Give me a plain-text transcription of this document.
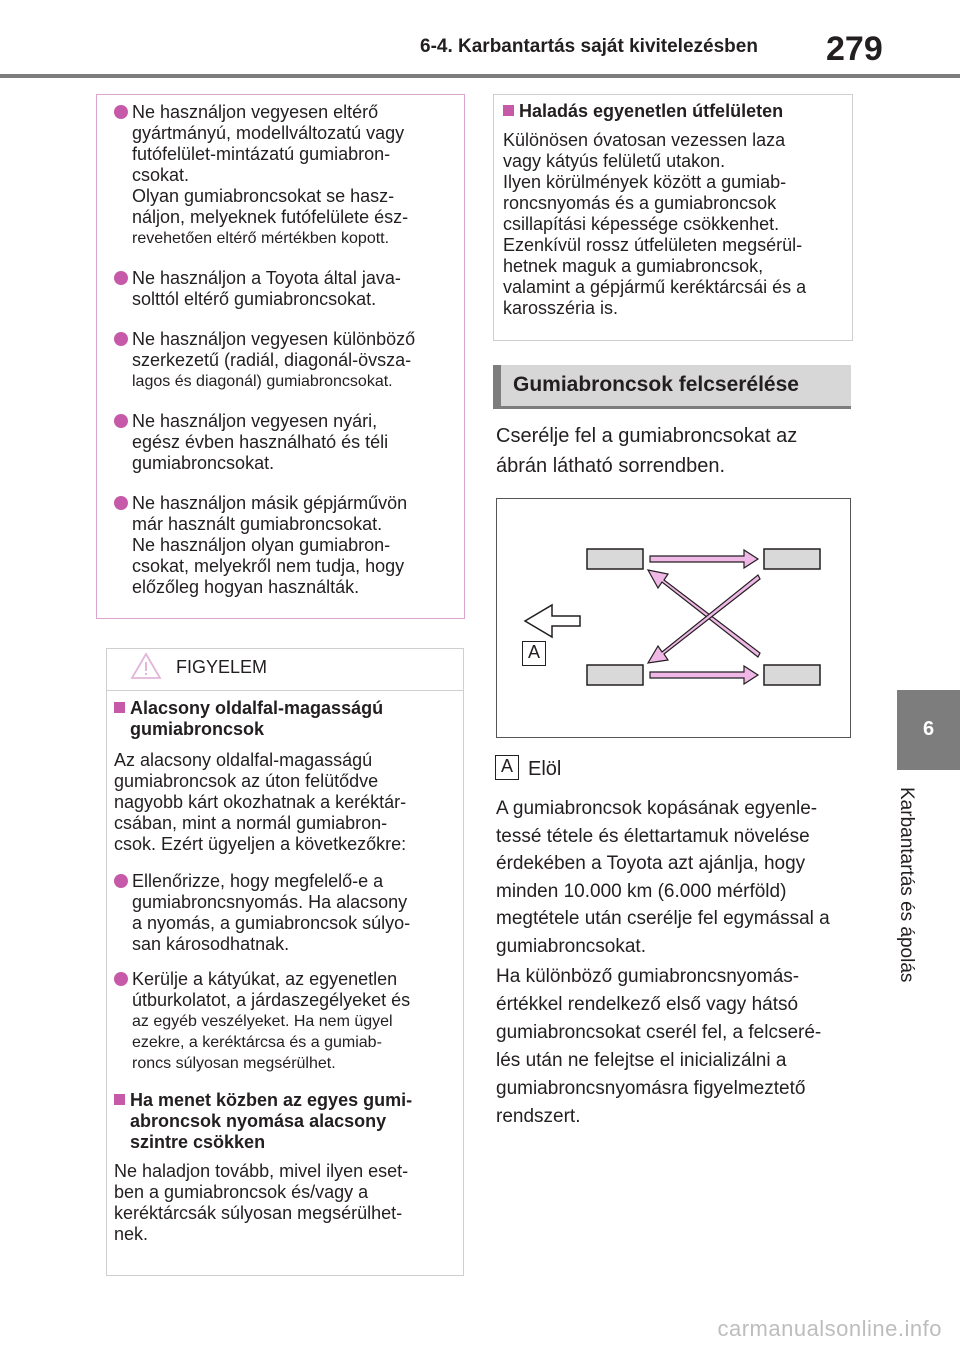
6-4. Karbantartás saját kivitelezésben 279
6
Karbantartás és ápolás
Ne használjon vegyesen eltérő
gyártmányú, modellváltozatú vagy
futófelület-mintázatú gumiabron-
csokat.
Olyan gumiabroncsokat se hasz-
náljon, melyeknek futófelülete ész-
revehetően eltérő mértékben kopott.
Ne használjon a Toyota által java-
solttól eltérő gumiabroncsokat.
Ne használjon vegyesen különböző
szerkezetű (radiál, diagonál-övsza-
lagos és diagonál) gumiabroncsokat.
Ne használjon vegyesen nyári,
egész évben használható és téli
gumiabroncsokat.
Ne használjon másik gépjárművön
már használt gumiabroncsokat.
Ne használjon olyan gumiabron-
csokat, melyekről nem tudja, hogy
előzőleg hogyan használták.
FIGYELEM
Alacsony oldalfal-magasságú
gumiabroncsok
Az alacsony oldalfal-magasságú
gumiabroncsok az úton felütődve
nagyobb kárt okozhatnak a keréktár-
csában, mint a normál gumiabron-
csok. Ezért ügyeljen a következőkre:
Ellenőrizze, hogy megfelelő-e a
gumiabroncsnyomás. Ha alacsony
a nyomás, a gumiabroncsok súlyo-
san károsodhatnak.
Kerülje a kátyúkat, az egyenetlen
útburkolatot, a járdaszegélyeket és
az egyéb veszélyeket. Ha nem ügyel
ezekre, a keréktárcsa és a gumiab-
roncs súlyosan megsérülhet.
Ha menet közben az egyes gumi-
abroncsok nyomása alacsony
szintre csökken
Ne haladjon tovább, mivel ilyen eset-
ben a gumiabroncsok és/vagy a
keréktárcsák súlyosan megsérülhet-
nek.
Haladás egyenetlen útfelületen
Különösen óvatosan vezessen laza
vagy kátyús felületű utakon.
Ilyen körülmények között a gumiab-
roncsnyomás és a gumiabroncsok
csillapítási képessége csökkenhet.
Ezenkívül rossz útfelületen megsérül-
hetnek maguk a gumiabroncsok,
valamint a gépjármű keréktárcsái és a
karosszéria is.
Gumiabroncsok felcserélése
Cserélje fel a gumiabroncsokat az
ábrán látható sorrendben.
A
A Elöl
A gumiabroncsok kopásának egyenle-
tessé tétele és élettartamuk növelése
érdekében a Toyota azt ajánlja, hogy
minden 10.000 km (6.000 mérföld)
megtétele után cserélje fel egymással a
gumiabroncsokat.
Ha különböző gumiabroncsnyomás-
értékkel rendelkező első vagy hátsó
gumiabroncsokat cserél fel, a felcseré-
lés után ne felejtse el inicializálni a
gumiabroncsnyomásra figyelmeztető
rendszert.
carmanualsonline.info
